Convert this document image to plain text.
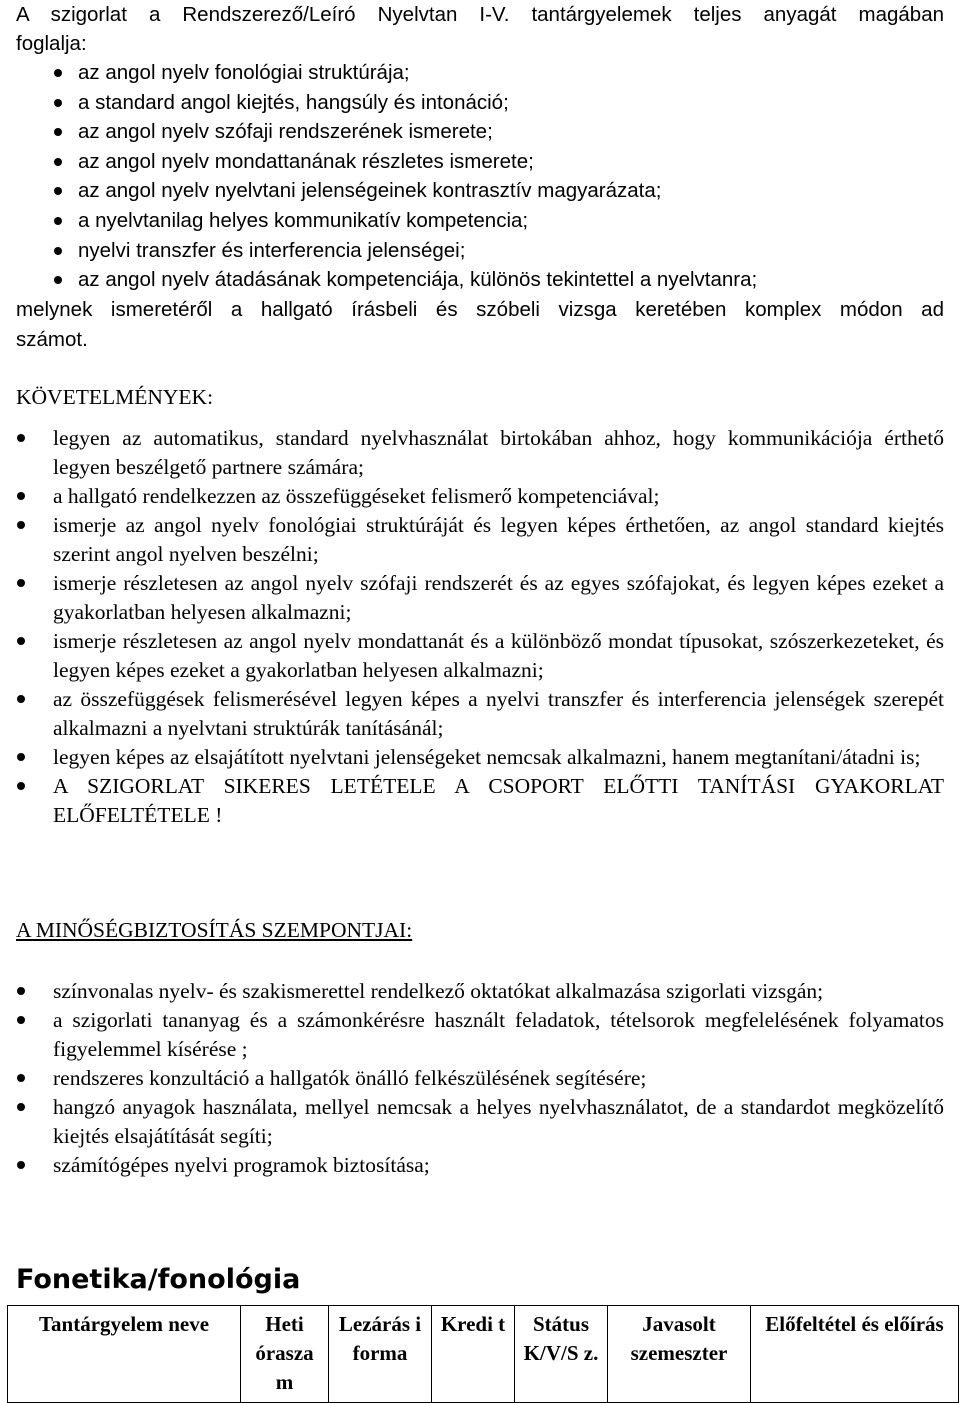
A szigorlat a Rendszerező/Leíró Nyelvtan I-V. tantárgyelemek teljes anyagát magában
foglalja:
az angol nyelv fonológiai struktúrája;
a standard angol kiejtés, hangsúly és intonáció;
az angol nyelv szófaji rendszerének ismerete;
az angol nyelv mondattanának részletes ismerete;
az angol nyelv nyelvtani jelenségeinek kontrasztív magyarázata;
a nyelvtanilag helyes kommunikatív kompetencia;
nyelvi transzfer és interferencia jelenségei;
az angol nyelv átadásának kompetenciája, különös tekintettel a nyelvtanra;
melynek ismeretéről a hallgató írásbeli és szóbeli vizsga keretében komplex módon ad
számot.
KÖVETELMÉNYEK:
legyen az automatikus, standard nyelvhasználat birtokában ahhoz, hogy kommunikációja érthető legyen beszélgető partnere számára;
a hallgató rendelkezzen az összefüggéseket felismerő kompetenciával;
ismerje az angol nyelv fonológiai struktúráját és legyen képes érthetően, az angol standard kiejtés szerint angol nyelven beszélni;
ismerje részletesen az angol nyelv szófaji rendszerét és az egyes szófajokat, és legyen képes ezeket a gyakorlatban helyesen alkalmazni;
ismerje részletesen az angol nyelv mondattanát és a különböző mondat típusokat, szószerkezeteket, és legyen képes ezeket a gyakorlatban helyesen alkalmazni;
az összefüggések felismerésével legyen képes a nyelvi transzfer és interferencia jelenségek szerepét alkalmazni a nyelvtani struktúrák tanításánál;
legyen képes az elsajátított nyelvtani jelenségeket nemcsak alkalmazni, hanem megtanítani/átadni is;
A SZIGORLAT SIKERES LETÉTELE A CSOPORT ELŐTTI TANÍTÁSI GYAKORLAT ELŐFELTÉTELE !
A MINŐSÉGBIZTOSÍTÁS SZEMPONTJAI:
színvonalas nyelv- és szakismerettel rendelkező oktatókat alkalmazása szigorlati vizsgán;
a szigorlati tananyag és a számonkérésre használt feladatok, tételsorok megfelelésének folyamatos figyelemmel kísérése ;
rendszeres konzultáció a hallgatók önálló felkészülésének segítésére;
hangzó anyagok használata, mellyel nemcsak a helyes nyelvhasználatot, de a standardot megközelítő kiejtés elsajátítását segíti;
számítógépes nyelvi programok biztosítása;
Fonetika/fonológia
Tantárgyelem neve	Heti órasza m	Lezárás i forma	Kredi t	Státus K/V/S z.	Javasolt szemeszter	Előfeltétel és előírás
